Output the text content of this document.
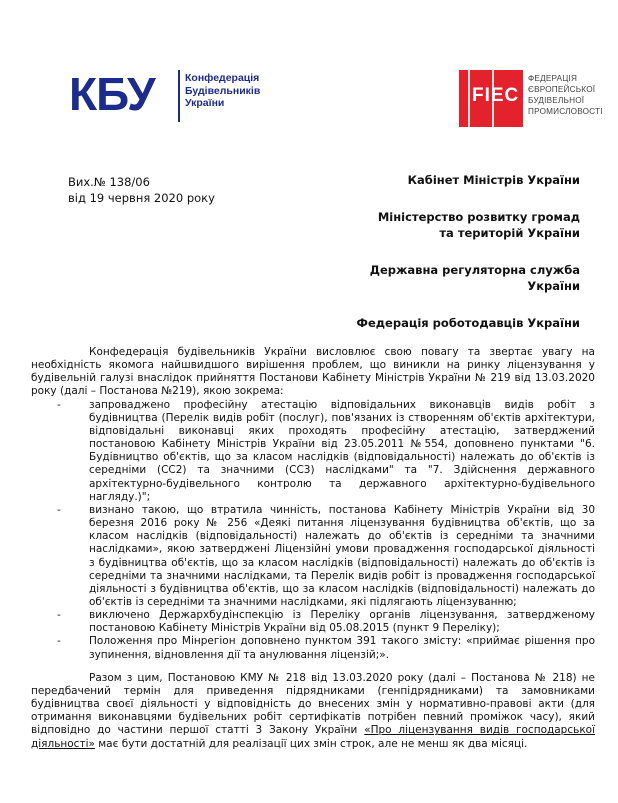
КБУ	Конфедерація
Будівельників
України	FIEC
ФЕДЕРАЦІЯ
ЄВРОПЕЙСЬКОЇ
БУДІВЕЛЬНОЇ
ПРОМИСЛОВОСТІ
Вих.№ 138/06
від 19 червня 2020 року
Кабінет Міністрів України
Міністерство розвитку громад
та територій України
Державна регуляторна служба
України
Федерація роботодавців України

Конфедерація будівельників України висловлює свою повагу та звертає увагу на необхідність якомога найшвидшого вирішення проблем, що виникли на ринку ліцензування у будівельній галузі внаслідок прийняття Постанови Кабінету Міністрів України № 219 від 13.03.2020 року (далі – Постанова №219), якою зокрема:

- запроваджено професійну атестацію відповідальних виконавців видів робіт з будівництва (Перелік видів робіт (послуг), пов'язаних із створенням об'єктів архітектури, відповідальні виконавці яких проходять професійну атестацію, затверджений постановою Кабінету Міністрів України від 23.05.2011 №554, доповнено пунктами "6. Будівництво об'єктів, що за класом наслідків (відповідальності) належать до об'єктів із середніми (СС2) та значними (СС3) наслідками" та "7. Здійснення державного архітектурно-будівельного контролю та державного архітектурно-будівельного нагляду.)";
- визнано такою, що втратила чинність, постанова Кабінету Міністрів України від 30 березня 2016 року № 256 «Деякі питання ліцензування будівництва об'єктів, що за класом наслідків (відповідальності) належать до об'єктів із середніми та значними наслідками», якою затверджені Ліцензійні умови провадження господарської діяльності з будівництва об'єктів, що за класом наслідків (відповідальності) належать до об'єктів із середніми та значними наслідками, та Перелік видів робіт із провадження господарської діяльності з будівництва об'єктів, що за класом наслідків (відповідальності) належать до об'єктів із середніми та значними наслідками, які підлягають ліцензуванню;
- виключено Держархбудінспекцію із Переліку органів ліцензування, затвердженому постановою Кабінету Міністрів України від 05.08.2015 (пункт 9 Переліку);
- Положення про Мінрегіон доповнено пунктом 391 такого змісту: «приймає рішення про зупинення, відновлення дії та анулювання ліцензій;».

Разом з цим, Постановою КМУ № 218 від 13.03.2020 року (далі – Постанова № 218) не передбачений термін для приведення підрядниками (генпідрядниками) та замовниками будівництва своєї діяльності у відповідність до внесених змін у нормативно-правові акти (для отримання виконавцями будівельних робіт сертифікатів потрібен певний проміжок часу), який відповідно до частини першої статті 3 Закону України «Про ліцензування видів господарської діяльності» має бути достатній для реалізації цих змін строк, але не менш як два місяці.
